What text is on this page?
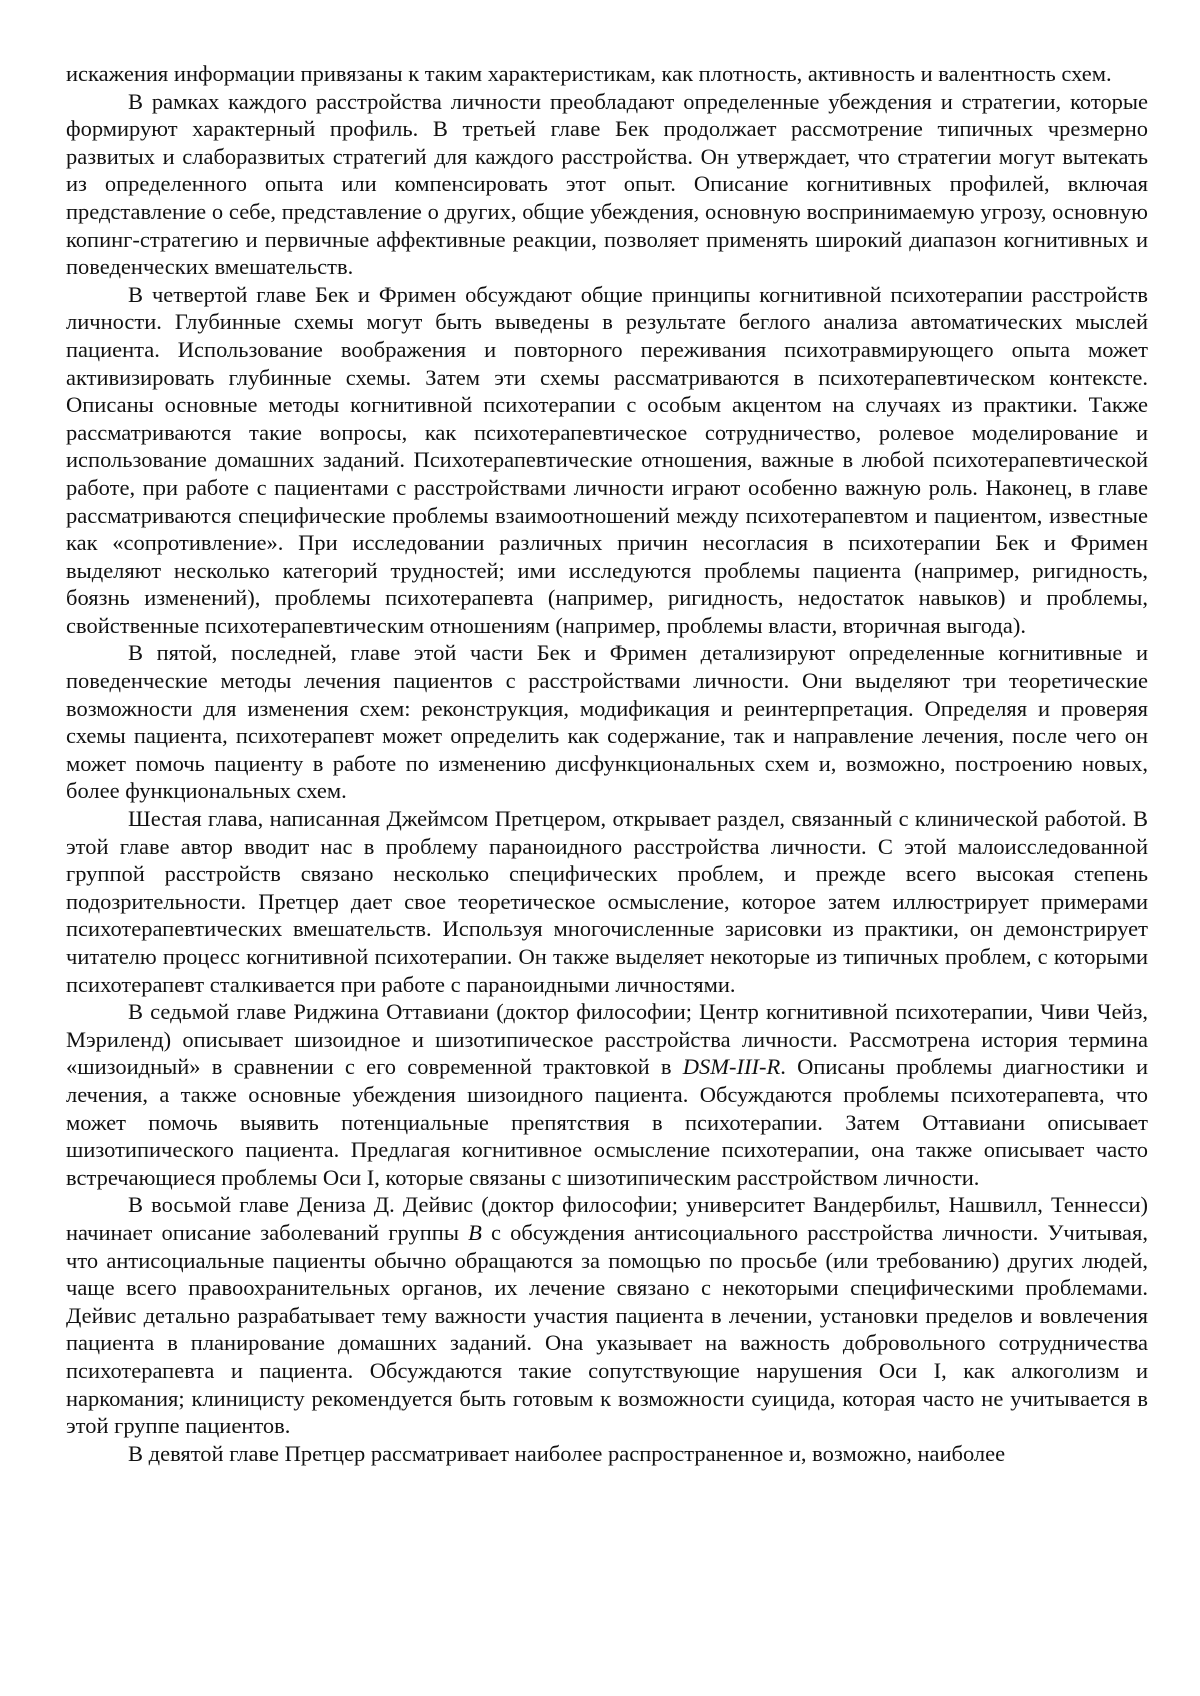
искажения информации привязаны к таким характеристикам, как плотность, активность и валентность схем.

В рамках каждого расстройства личности преобладают определенные убеждения и стратегии, которые формируют характерный профиль. В третьей главе Бек продолжает рассмотрение типичных чрезмерно развитых и слаборазвитых стратегий для каждого расстройства. Он утверждает, что стратегии могут вытекать из определенного опыта или компенсировать этот опыт. Описание когнитивных профилей, включая представление о себе, представление о других, общие убеждения, основную воспринимаемую угрозу, основную копинг-стратегию и первичные аффективные реакции, позволяет применять широкий диапазон когнитивных и поведенческих вмешательств.

В четвертой главе Бек и Фримен обсуждают общие принципы когнитивной психотерапии расстройств личности. Глубинные схемы могут быть выведены в результате беглого анализа автоматических мыслей пациента. Использование воображения и повторного переживания психотравмирующего опыта может активизировать глубинные схемы. Затем эти схемы рассматриваются в психотерапевтическом контексте. Описаны основные методы когнитивной психотерапии с особым акцентом на случаях из практики. Также рассматриваются такие вопросы, как психотерапевтическое сотрудничество, ролевое моделирование и использование домашних заданий. Психотерапевтические отношения, важные в любой психотерапевтической работе, при работе с пациентами с расстройствами личности играют особенно важную роль. Наконец, в главе рассматриваются специфические проблемы взаимоотношений между психотерапевтом и пациентом, известные как «сопротивление». При исследовании различных причин несогласия в психотерапии Бек и Фримен выделяют несколько категорий трудностей; ими исследуются проблемы пациента (например, ригидность, боязнь изменений), проблемы психотерапевта (например, ригидность, недостаток навыков) и проблемы, свойственные психотерапевтическим отношениям (например, проблемы власти, вторичная выгода).

В пятой, последней, главе этой части Бек и Фримен детализируют определенные когнитивные и поведенческие методы лечения пациентов с расстройствами личности. Они выделяют три теоретические возможности для изменения схем: реконструкция, модификация и реинтерпретация. Определяя и проверяя схемы пациента, психотерапевт может определить как содержание, так и направление лечения, после чего он может помочь пациенту в работе по изменению дисфункциональных схем и, возможно, построению новых, более функциональных схем.

Шестая глава, написанная Джеймсом Претцером, открывает раздел, связанный с клинической работой. В этой главе автор вводит нас в проблему параноидного расстройства личности. С этой малоисследованной группой расстройств связано несколько специфических проблем, и прежде всего высокая степень подозрительности. Претцер дает свое теоретическое осмысление, которое затем иллюстрирует примерами психотерапевтических вмешательств. Используя многочисленные зарисовки из практики, он демонстрирует читателю процесс когнитивной психотерапии. Он также выделяет некоторые из типичных проблем, с которыми психотерапевт сталкивается при работе с параноидными личностями.

В седьмой главе Риджина Оттавиани (доктор философии; Центр когнитивной психотерапии, Чиви Чейз, Мэриленд) описывает шизоидное и шизотипическое расстройства личности. Рассмотрена история термина «шизоидный» в сравнении с его современной трактовкой в DSM-III-R. Описаны проблемы диагностики и лечения, а также основные убеждения шизоидного пациента. Обсуждаются проблемы психотерапевта, что может помочь выявить потенциальные препятствия в психотерапии. Затем Оттавиани описывает шизотипического пациента. Предлагая когнитивное осмысление психотерапии, она также описывает часто встречающиеся проблемы Оси I, которые связаны с шизотипическим расстройством личности.

В восьмой главе Дениза Д. Дейвис (доктор философии; университет Вандербильт, Нашвилл, Теннесси) начинает описание заболеваний группы В с обсуждения антисоциального расстройства личности. Учитывая, что антисоциальные пациенты обычно обращаются за помощью по просьбе (или требованию) других людей, чаще всего правоохранительных органов, их лечение связано с некоторыми специфическими проблемами. Дейвис детально разрабатывает тему важности участия пациента в лечении, установки пределов и вовлечения пациента в планирование домашних заданий. Она указывает на важность добровольного сотрудничества психотерапевта и пациента. Обсуждаются такие сопутствующие нарушения Оси I, как алкоголизм и наркомания; клиницисту рекомендуется быть готовым к возможности суицида, которая часто не учитывается в этой группе пациентов.

В девятой главе Претцер рассматривает наиболее распространенное и, возможно, наиболее
